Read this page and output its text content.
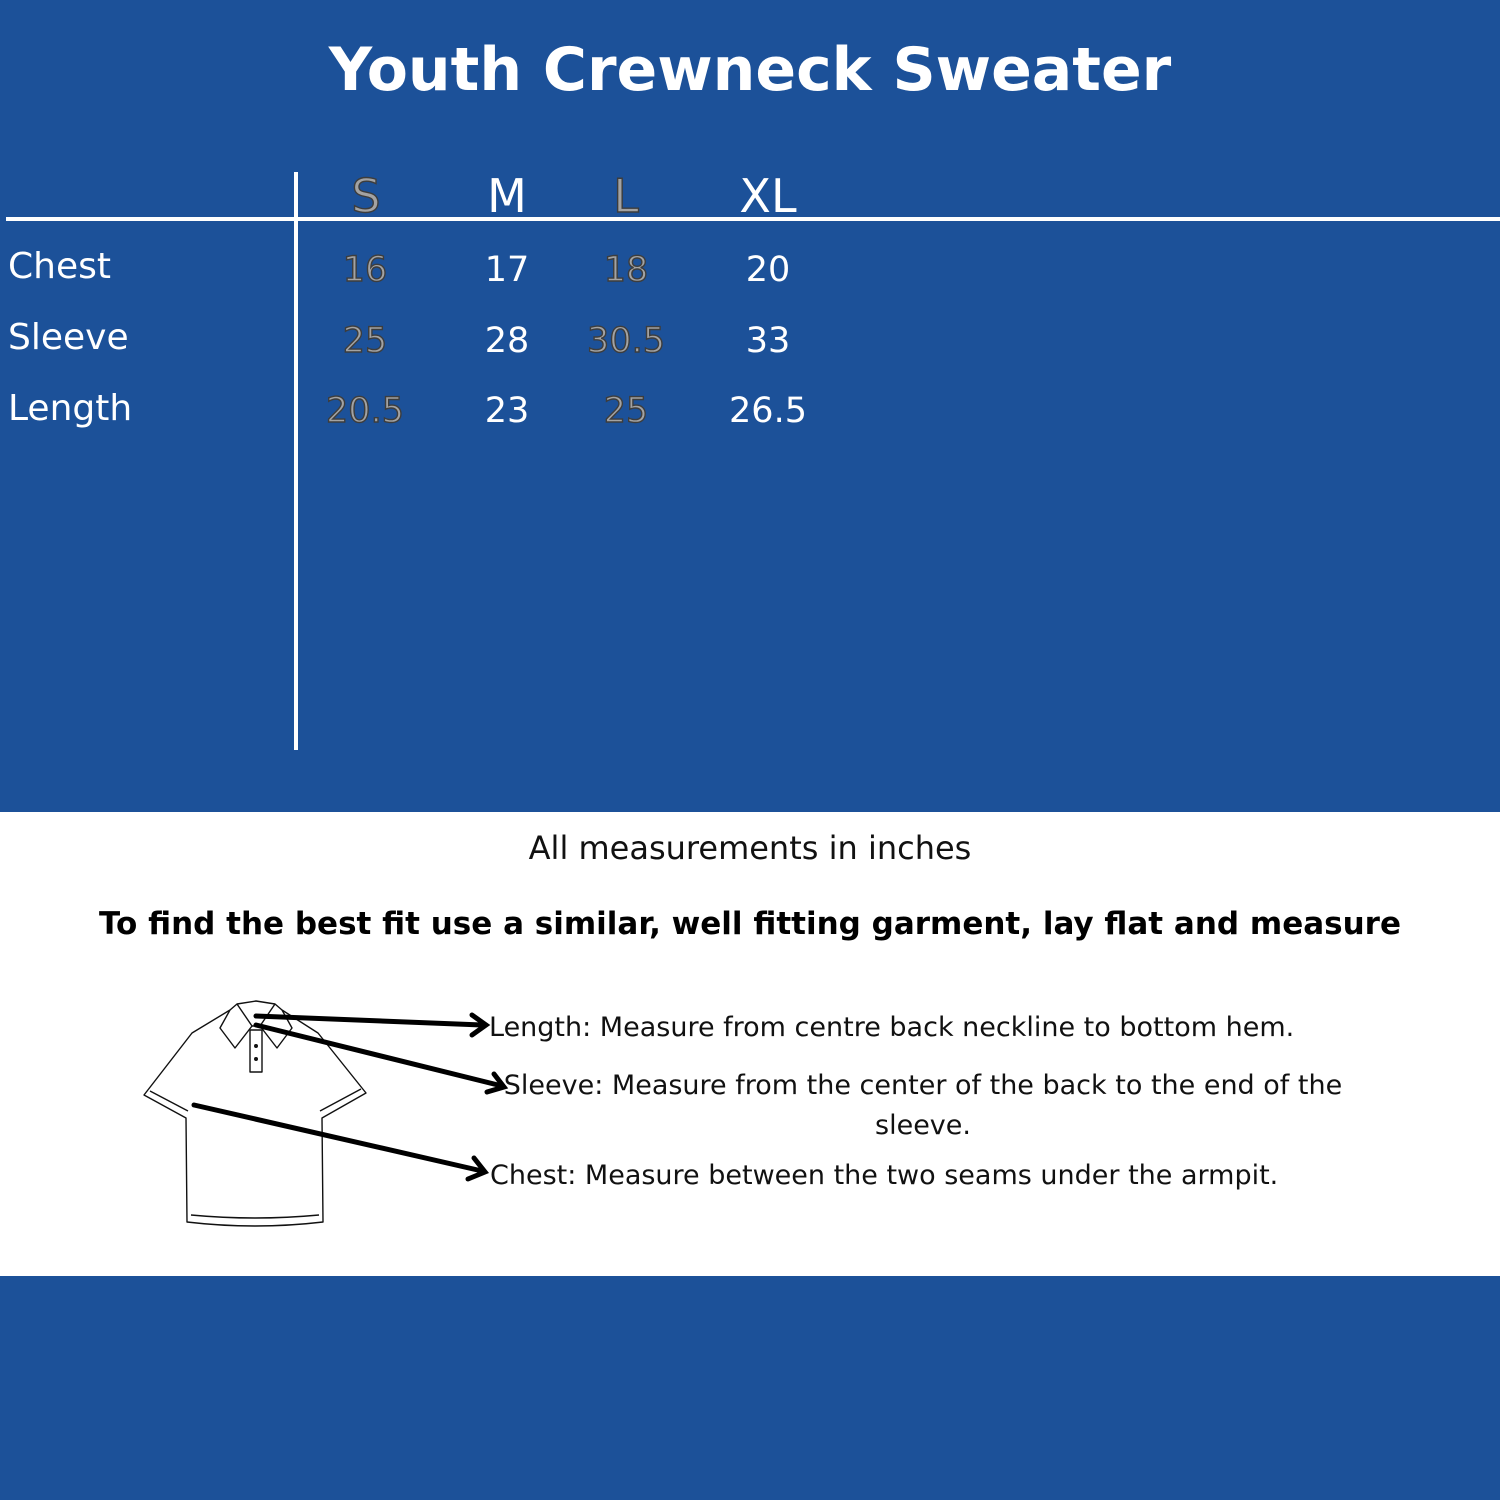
Youth Crewneck Sweater
S M L XL
Chest	16	17 18	20
Sleeve	25	28 30.5 33
Length	20.5 23 25 26.5
All measurements in inches
To find the best fit use a similar, well fitting garment, lay flat and measure
Length: Measure from centre back neckline to bottom hem.
Sleeve: Measure from the center of the back to the end of the sleeve.
Chest: Measure between the two seams under the armpit.
